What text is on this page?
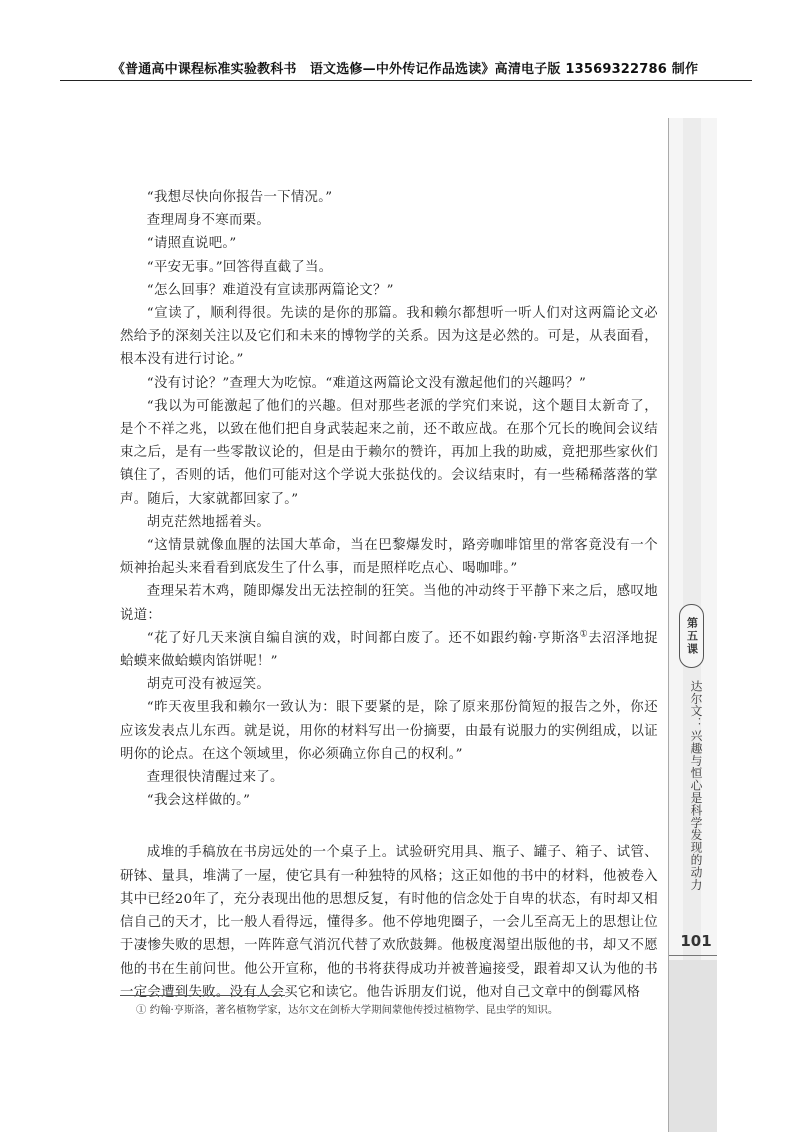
《普通高中课程标准实验教科书　语文选修—中外传记作品选读》高清电子版 13569322786 制作

“我想尽快向你报告一下情况。”

查理周身不寒而栗。

“请照直说吧。”

“平安无事。”回答得直截了当。

“怎么回事？难道没有宣读那两篇论文？”

“宣读了，顺利得很。先读的是你的那篇。我和赖尔都想听一听人们对这两篇论文必然给予的深刻关注以及它们和未来的博物学的关系。因为这是必然的。可是，从表面看，根本没有进行讨论。”

“没有讨论？”查理大为吃惊。“难道这两篇论文没有激起他们的兴趣吗？”

“我以为可能激起了他们的兴趣。但对那些老派的学究们来说，这个题目太新奇了，是个不祥之兆，以致在他们把自身武装起来之前，还不敢应战。在那个冗长的晚间会议结束之后，是有一些零散议论的，但是由于赖尔的赞许，再加上我的助威，竟把那些家伙们镇住了，否则的话，他们可能对这个学说大张挞伐的。会议结束时，有一些稀稀落落的掌声。随后，大家就都回家了。”

胡克茫然地摇着头。

“这情景就像血腥的法国大革命，当在巴黎爆发时，路旁咖啡馆里的常客竟没有一个烦神抬起头来看看到底发生了什么事，而是照样吃点心、喝咖啡。”

查理呆若木鸡，随即爆发出无法控制的狂笑。当他的冲动终于平静下来之后，感叹地说道：

“花了好几天来演自编自演的戏，时间都白废了。还不如跟约翰·亨斯洛①去沼泽地捉蛤蟆来做蛤蟆肉馅饼呢！”

胡克可没有被逗笑。

“昨天夜里我和赖尔一致认为：眼下要紧的是，除了原来那份简短的报告之外，你还应该发表点儿东西。就是说，用你的材料写出一份摘要，由最有说服力的实例组成，以证明你的论点。在这个领域里，你必须确立你自己的权利。”

查理很快清醒过来了。

“我会这样做的。”

成堆的手稿放在书房远处的一个桌子上。试验研究用具、瓶子、罐子、箱子、试管、研钵、量具，堆满了一屋，使它具有一种独特的风格；这正如他的书中的材料，他被卷入其中已经20年了，充分表现出他的思想反复，有时他的信念处于自卑的状态，有时却又相信自己的天才，比一般人看得远，懂得多。他不停地兜圈子，一会儿至高无上的思想让位于凄惨失败的思想，一阵阵意气消沉代替了欢欣鼓舞。他极度渴望出版他的书，却又不愿他的书在生前问世。他公开宣称，他的书将获得成功并被普遍接受，跟着却又认为他的书一定会遭到失败。没有人会买它和读它。他告诉朋友们说，他对自己文章中的倒霉风格

① 约翰·亨斯洛，著名植物学家，达尔文在剑桥大学期间蒙他传授过植物学、昆虫学的知识。
第五课
达尔文：兴趣与恒心是科学发现的动力
101
